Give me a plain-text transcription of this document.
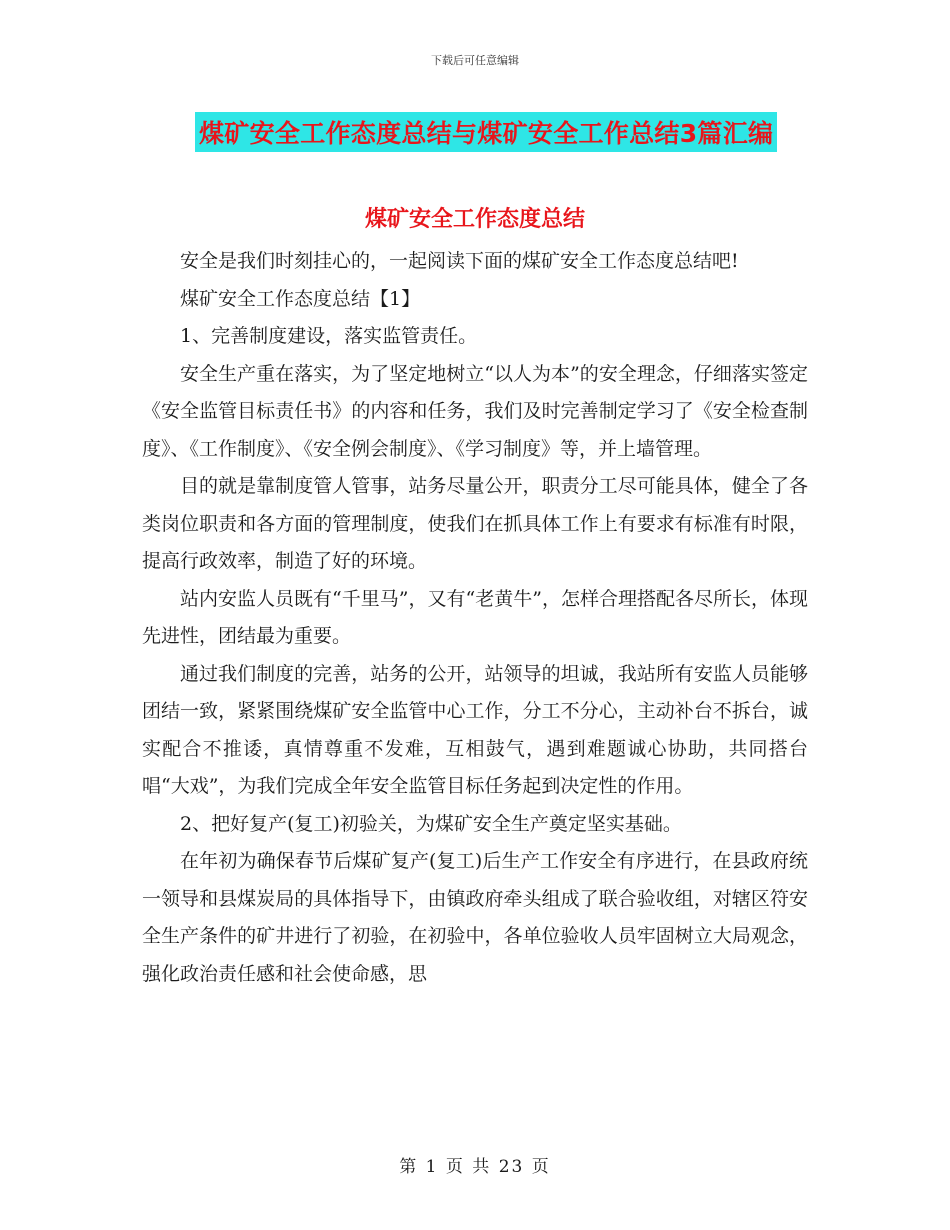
下载后可任意编辑
煤矿安全工作态度总结与煤矿安全工作总结3篇汇编
煤矿安全工作态度总结

安全是我们时刻挂心的，一起阅读下面的煤矿安全工作态度总结吧!

煤矿安全工作态度总结【1】

1、完善制度建设，落实监管责任。

安全生产重在落实，为了坚定地树立“以人为本”的安全理念，仔细落实签定《安全监管目标责任书》的内容和任务，我们及时完善制定学习了《安全检查制度》、《工作制度》、《安全例会制度》、《学习制度》等，并上墙管理。

目的就是靠制度管人管事，站务尽量公开，职责分工尽可能具体，健全了各类岗位职责和各方面的管理制度，使我们在抓具体工作上有要求有标准有时限，提高行政效率，制造了好的环境。

站内安监人员既有“千里马”，又有“老黄牛”，怎样合理搭配各尽所长，体现先进性，团结最为重要。

通过我们制度的完善，站务的公开，站领导的坦诚，我站所有安监人员能够团结一致，紧紧围绕煤矿安全监管中心工作，分工不分心，主动补台不拆台，诚实配合不推诿，真情尊重不发难，互相鼓气，遇到难题诚心协助，共同搭台唱“大戏”，为我们完成全年安全监管目标任务起到决定性的作用。

2、把好复产(复工)初验关，为煤矿安全生产奠定坚实基础。

在年初为确保春节后煤矿复产(复工)后生产工作安全有序进行，在县政府统一领导和县煤炭局的具体指导下，由镇政府牵头组成了联合验收组，对辖区符安全生产条件的矿井进行了初验，在初验中，各单位验收人员牢固树立大局观念，强化政治责任感和社会使命感，思

第 1 页 共 23 页
